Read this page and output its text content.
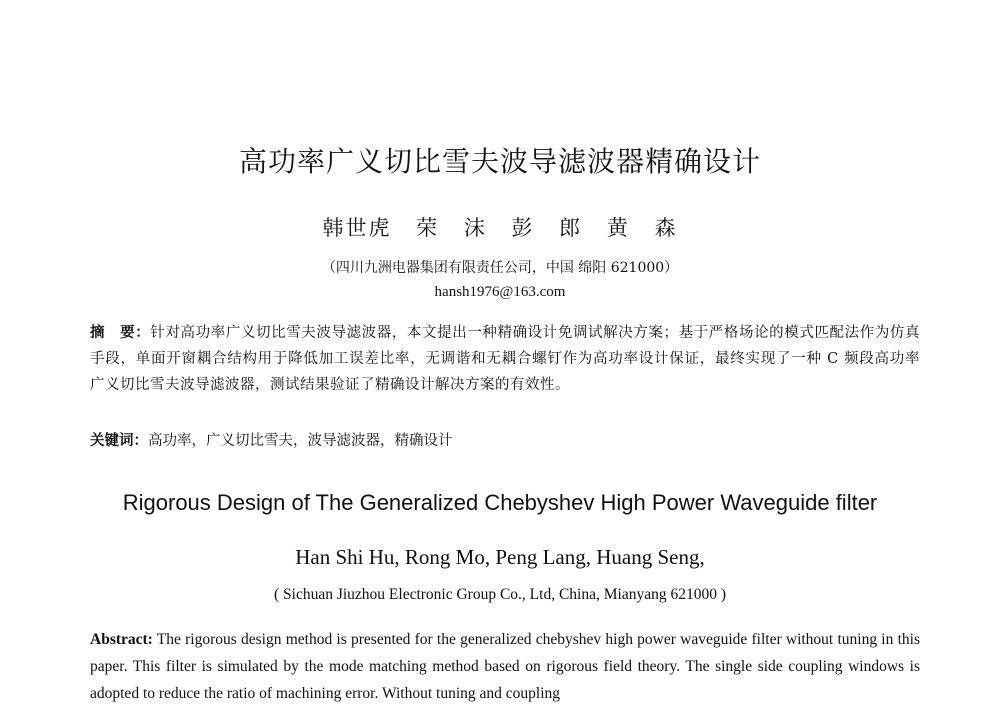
高功率广义切比雪夫波导滤波器精确设计
韩世虎 荣 沫 彭 郎 黄 森
（四川九洲电器集团有限责任公司，中国 绵阳 621000）
hansh1976@163.com
摘　要：针对高功率广义切比雪夫波导滤波器，本文提出一种精确设计免调试解决方案；基于严格场论的模式匹配法作为仿真手段，单面开窗耦合结构用于降低加工误差比率，无调谐和无耦合螺钉作为高功率设计保证，最终实现了一种 C 频段高功率广义切比雪夫波导滤波器，测试结果验证了精确设计解决方案的有效性。
关键词：高功率，广义切比雪夫，波导滤波器，精确设计
Rigorous Design of The Generalized Chebyshev High Power Waveguide filter
Han Shi Hu, Rong Mo, Peng Lang, Huang Seng,
( Sichuan Jiuzhou Electronic Group Co., Ltd, China, Mianyang 621000 )
Abstract: The rigorous design method is presented for the generalized chebyshev high power waveguide filter without tuning in this paper. This filter is simulated by the mode matching method based on rigorous field theory. The single side coupling windows is adopted to reduce the ratio of machining error. Without tuning and coupling
